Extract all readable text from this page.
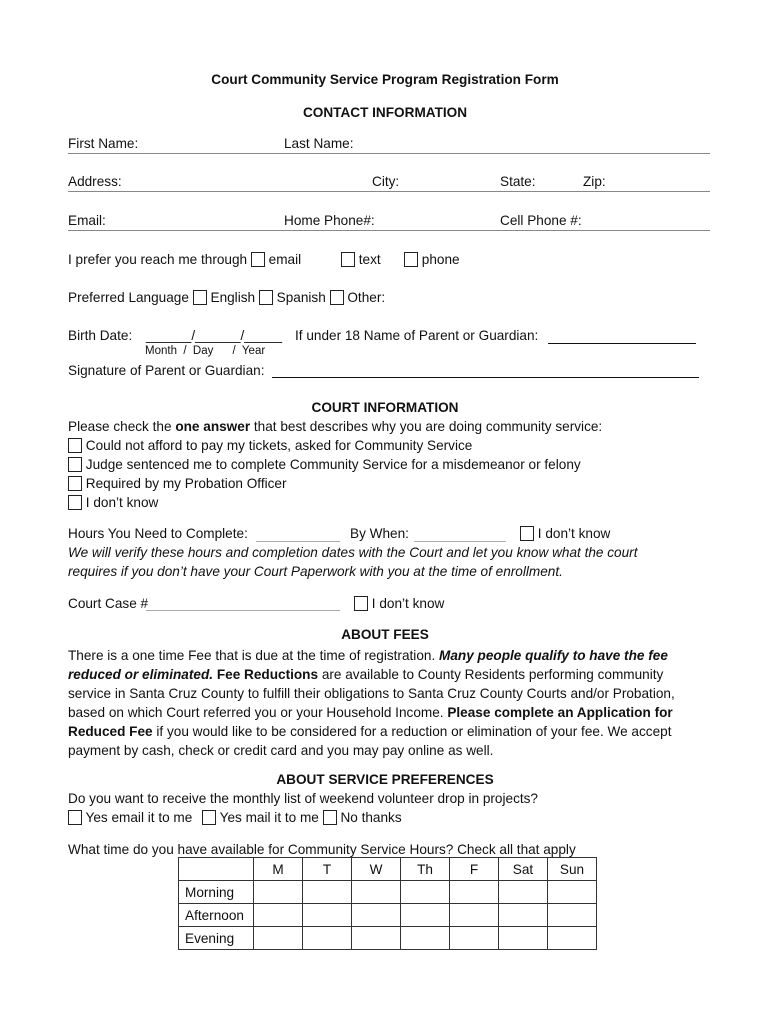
Court Community Service Program Registration Form
CONTACT INFORMATION
First Name:	Last Name:
Address:	City:	State:	Zip:
Email:	Home Phone#:	Cell Phone #:
I prefer you reach me through email	text	phone
Preferred Language English Spanish Other:
Birth Date: ______/______/_____ If under 18 Name of Parent or Guardian:
Month  /  Day      /  Year
Signature of Parent or Guardian:
COURT INFORMATION
Please check the one answer that best describes why you are doing community service:
Could not afford to pay my tickets, asked for Community Service
Judge sentenced me to complete Community Service for a misdemeanor or felony
Required by my Probation Officer
I don’t know
Hours You Need to Complete:	By When:	I don’t know
We will verify these hours and completion dates with the Court and let you know what the court
requires if you don’t have your Court Paperwork with you at the time of enrollment.
Court Case #	I don’t know
ABOUT FEES
There is a one time Fee that is due at the time of registration. Many people qualify to have the fee reduced or eliminated. Fee Reductions are available to County Residents performing community service in Santa Cruz County to fulfill their obligations to Santa Cruz County Courts and/or Probation, based on which Court referred you or your Household Income. Please complete an Application for Reduced Fee if you would like to be considered for a reduction or elimination of your fee. We accept payment by cash, check or credit card and you may pay online as well.
ABOUT SERVICE PREFERENCES
Do you want to receive the monthly list of weekend volunteer drop in projects?
Yes email it to me Yes mail it to me No thanks
What time do you have available for Community Service Hours? Check all that apply
	M	T	W	Th	F	Sat	Sun
Morning							
Afternoon							
Evening							
